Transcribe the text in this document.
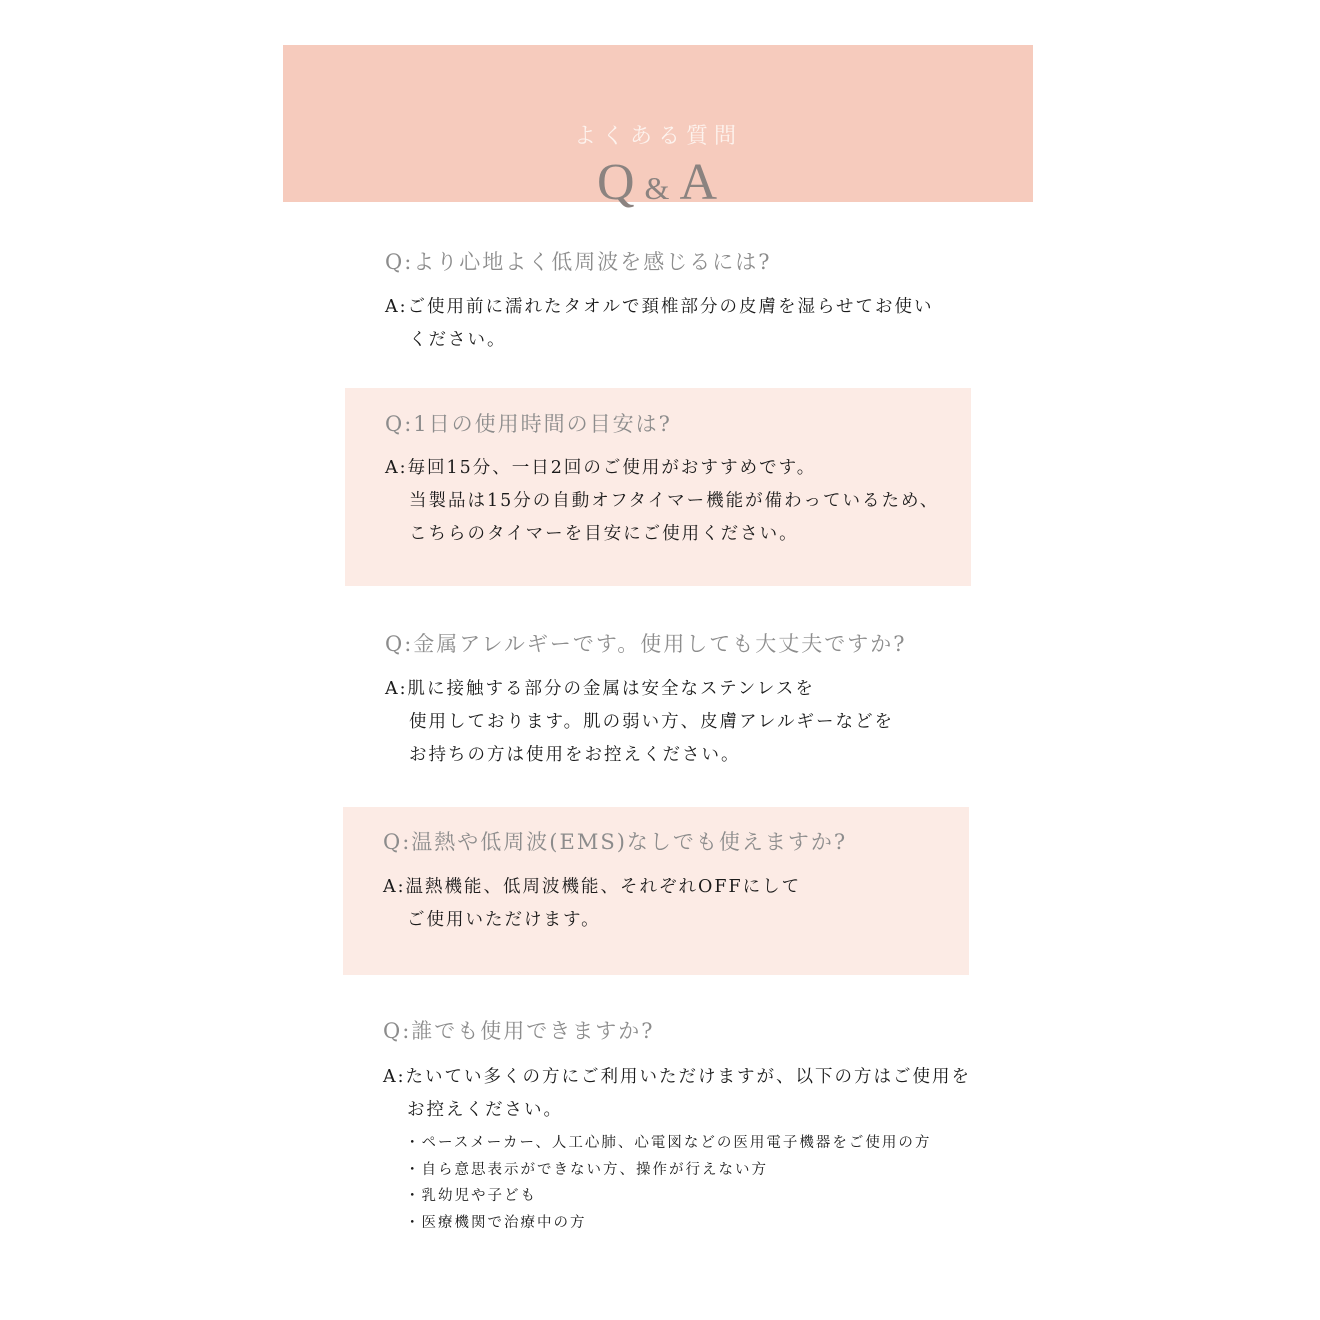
よくある質問
Q & A
Q:より心地よく低周波を感じるには?
A:ご使用前に濡れたタオルで頚椎部分の皮膚を湿らせてお使い
ください。
Q:1日の使用時間の目安は?
A:毎回15分、一日2回のご使用がおすすめです。
当製品は15分の自動オフタイマー機能が備わっているため、
こちらのタイマーを目安にご使用ください。
Q:金属アレルギーです。使用しても大丈夫ですか?
A:肌に接触する部分の金属は安全なステンレスを
使用しております。肌の弱い方、皮膚アレルギーなどを
お持ちの方は使用をお控えください。
Q:温熱や低周波(EMS)なしでも使えますか?
A:温熱機能、低周波機能、それぞれOFFにして
ご使用いただけます。
Q:誰でも使用できますか?
A:たいてい多くの方にご利用いただけますが、以下の方はご使用を
お控えください。
・ペースメーカー、人工心肺、心電図などの医用電子機器をご使用の方
・自ら意思表示ができない方、操作が行えない方
・乳幼児や子ども
・医療機関で治療中の方
